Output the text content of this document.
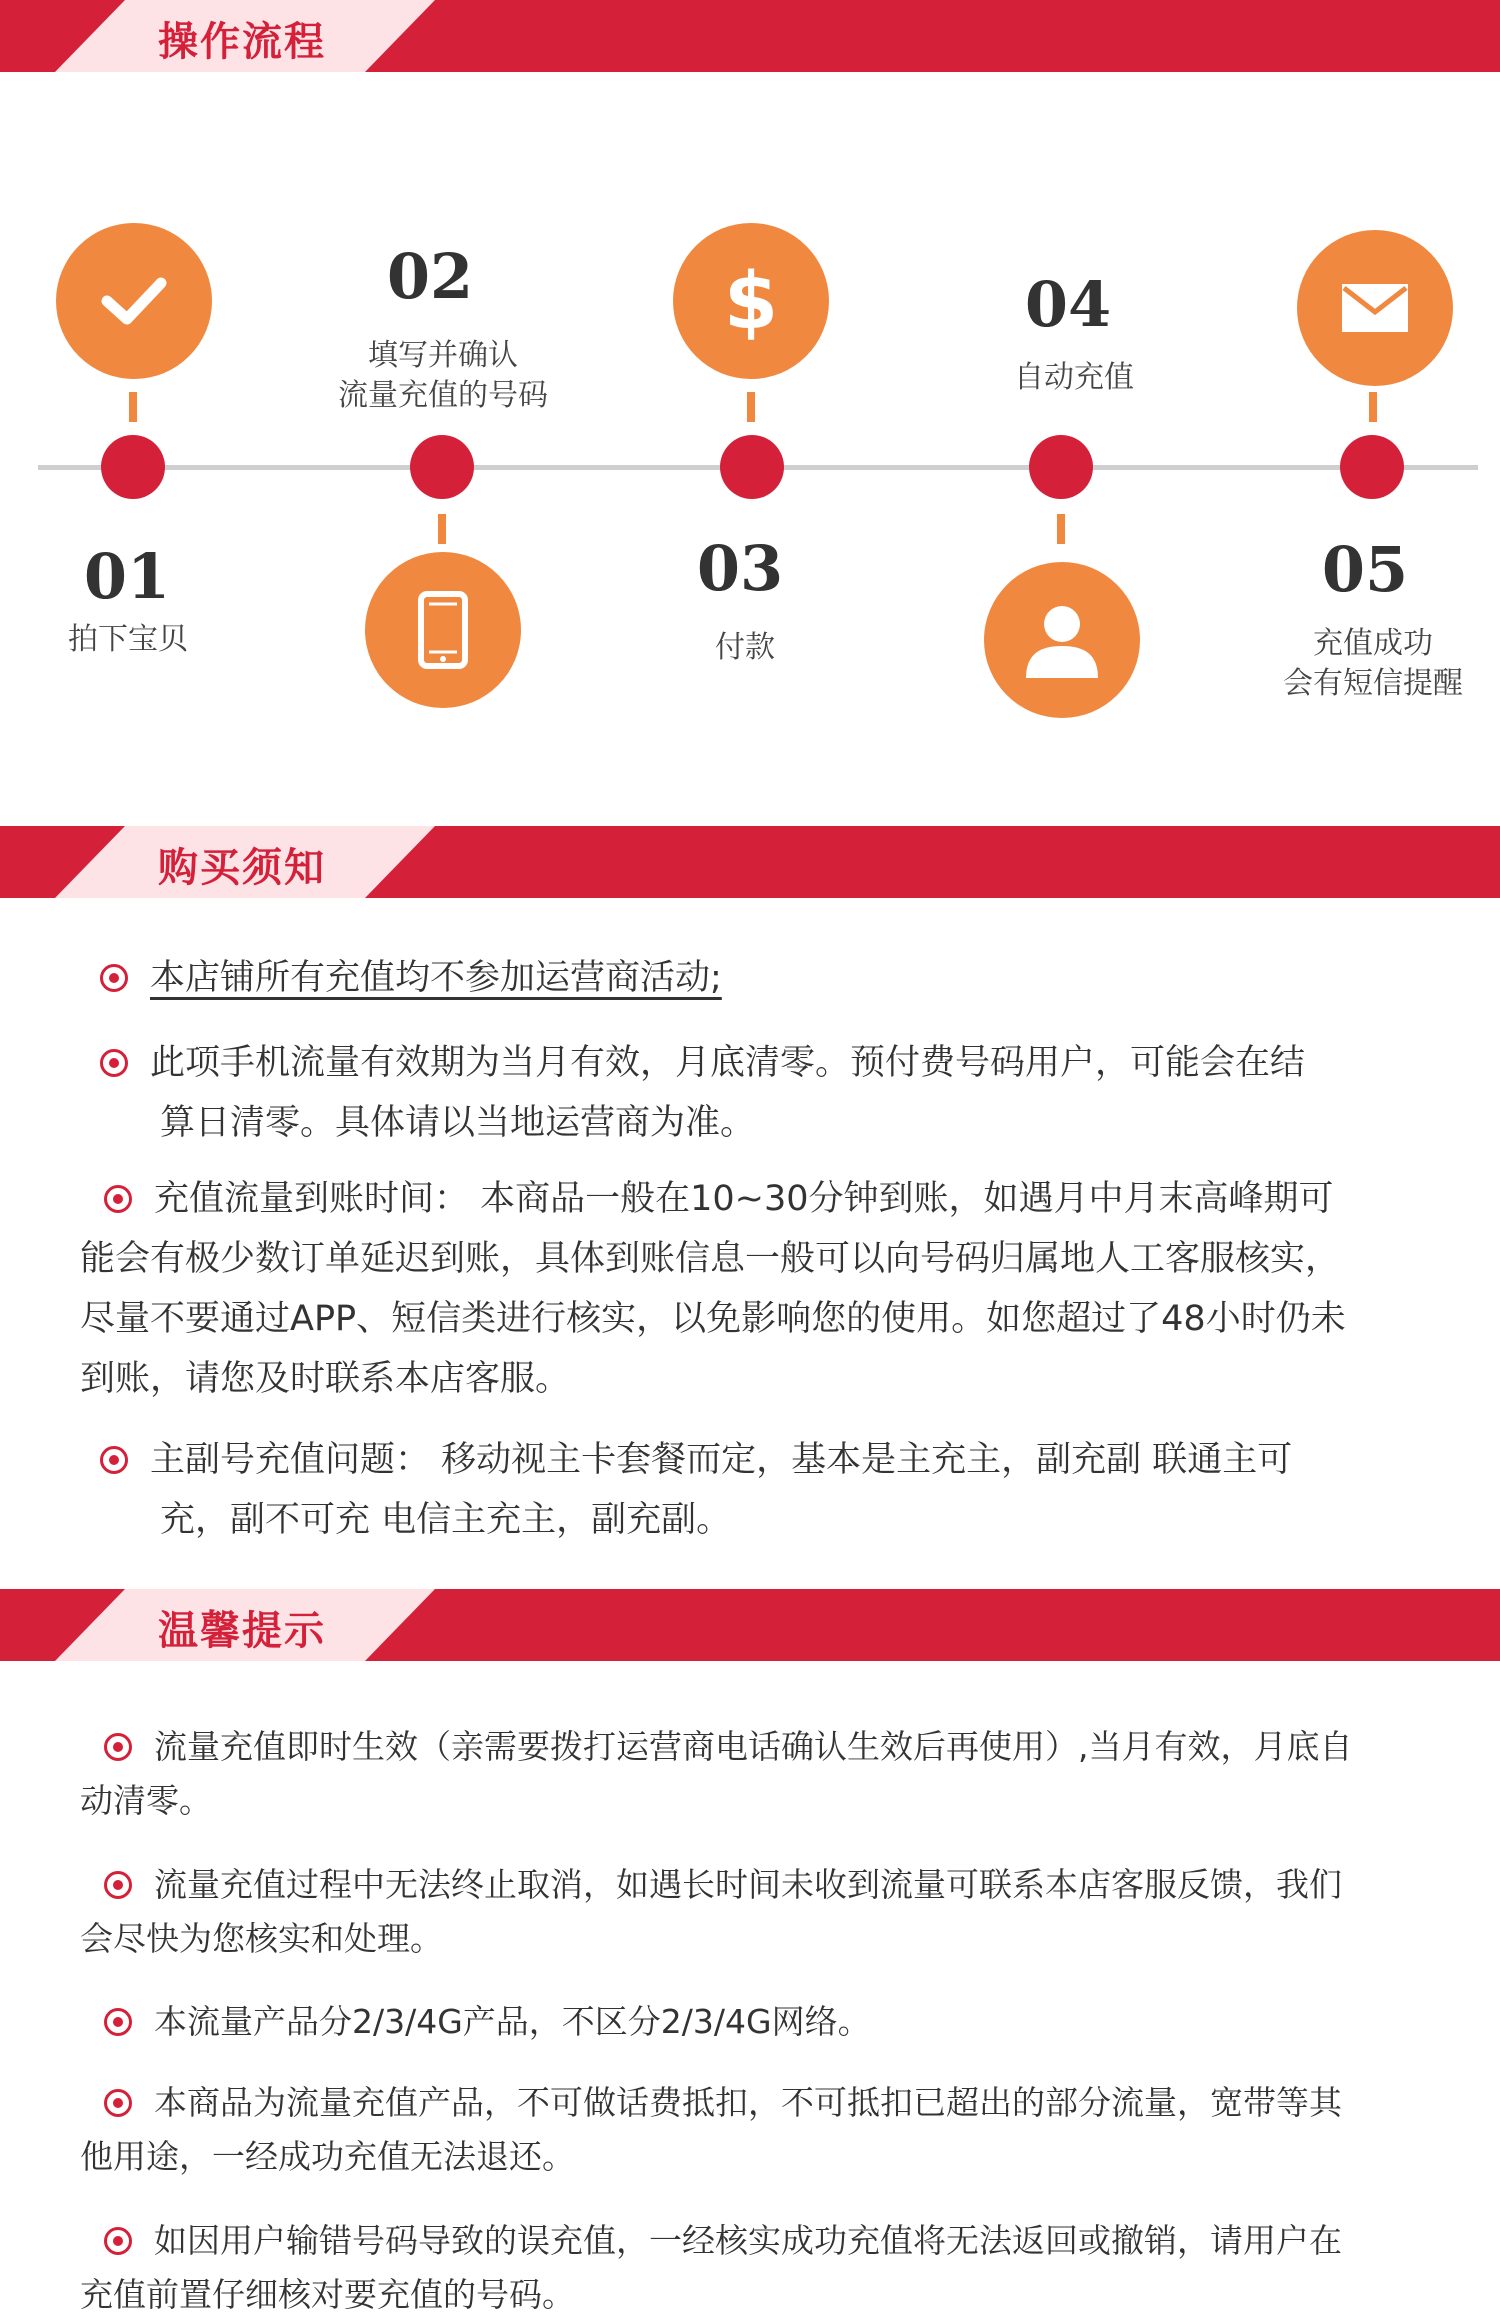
操作流程
01
拍下宝贝
02
填写并确认
流量充值的号码
$
03
付款
04
自动充值
05
充值成功
会有短信提醒
购买须知
本店铺所有充值均不参加运营商活动;
此项手机流量有效期为当月有效，月底清零。预付费号码用户，可能会在结
算日清零。具体请以当地运营商为准。
充值流量到账时间： 本商品一般在10~30分钟到账，如遇月中月末高峰期可
能会有极少数订单延迟到账，具体到账信息一般可以向号码归属地人工客服核实，
尽量不要通过APP、短信类进行核实，以免影响您的使用。如您超过了48小时仍未
到账，请您及时联系本店客服。
主副号充值问题： 移动视主卡套餐而定，基本是主充主，副充副 联通主可
充，副不可充 电信主充主，副充副。
温馨提示
流量充值即时生效（亲需要拨打运营商电话确认生效后再使用）,当月有效，月底自
动清零。
流量充值过程中无法终止取消，如遇长时间未收到流量可联系本店客服反馈，我们
会尽快为您核实和处理。
本流量产品分2/3/4G产品，不区分2/3/4G网络。
本商品为流量充值产品，不可做话费抵扣，不可抵扣已超出的部分流量，宽带等其
他用途，一经成功充值无法退还。
如因用户输错号码导致的误充值，一经核实成功充值将无法返回或撤销，请用户在
充值前置仔细核对要充值的号码。
